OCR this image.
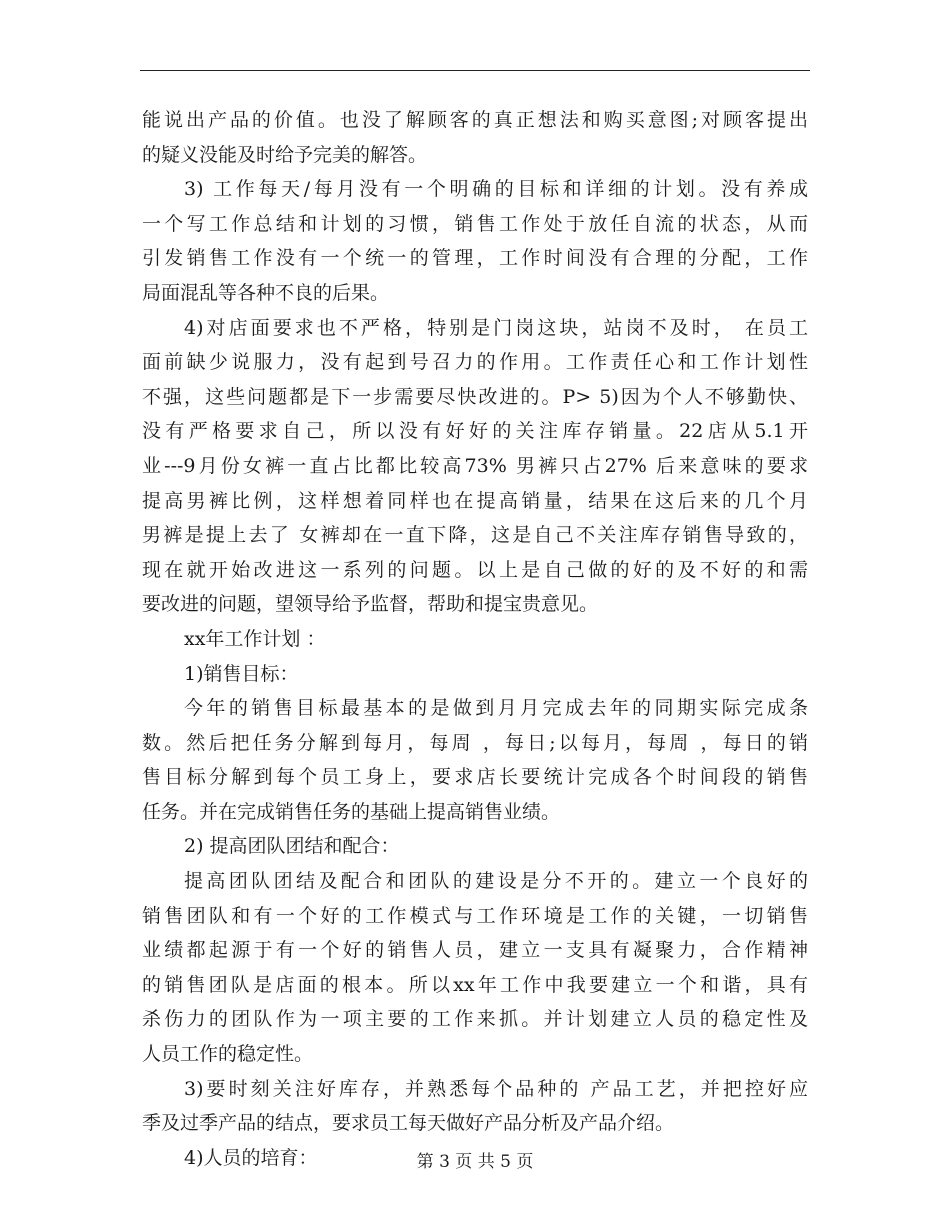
能说出产品的价值。也没了解顾客的真正想法和购买意图;对顾客提出
的疑义没能及时给予完美的解答。
3) 工作每天/每月没有一个明确的目标和详细的计划。没有养成
一个写工作总结和计划的习惯，销售工作处于放任自流的状态，从而
引发销售工作没有一个统一的管理，工作时间没有合理的分配，工作
局面混乱等各种不良的后果。
4)对店面要求也不严格，特别是门岗这块，站岗不及时， 在员工
面前缺少说服力，没有起到号召力的作用。工作责任心和工作计划性
不强，这些问题都是下一步需要尽快改进的。P> 5)因为个人不够勤快、
没有严格要求自己，所以没有好好的关注库存销量。22店从5.1开
业---9月份女裤一直占比都比较高73% 男裤只占27% 后来意味的要求
提高男裤比例，这样想着同样也在提高销量，结果在这后来的几个月
男裤是提上去了 女裤却在一直下降，这是自己不关注库存销售导致的，
现在就开始改进这一系列的问题。以上是自己做的好的及不好的和需
要改进的问题，望领导给予监督，帮助和提宝贵意见。
xx年工作计划 ：
1)销售目标：
今年的销售目标最基本的是做到月月完成去年的同期实际完成条
数。然后把任务分解到每月，每周 ，每日;以每月，每周 ，每日的销
售目标分解到每个员工身上，要求店长要统计完成各个时间段的销售
任务。并在完成销售任务的基础上提高销售业绩。
2) 提高团队团结和配合：
提高团队团结及配合和团队的建设是分不开的。建立一个良好的
销售团队和有一个好的工作模式与工作环境是工作的关键，一切销售
业绩都起源于有一个好的销售人员，建立一支具有凝聚力，合作精神
的销售团队是店面的根本。所以xx年工作中我要建立一个和谐，具有
杀伤力的团队作为一项主要的工作来抓。并计划建立人员的稳定性及
人员工作的稳定性。
3)要时刻关注好库存，并熟悉每个品种的 产品工艺，并把控好应
季及过季产品的结点，要求员工每天做好产品分析及产品介绍。
4)人员的培育：	第 3 页 共 5 页
